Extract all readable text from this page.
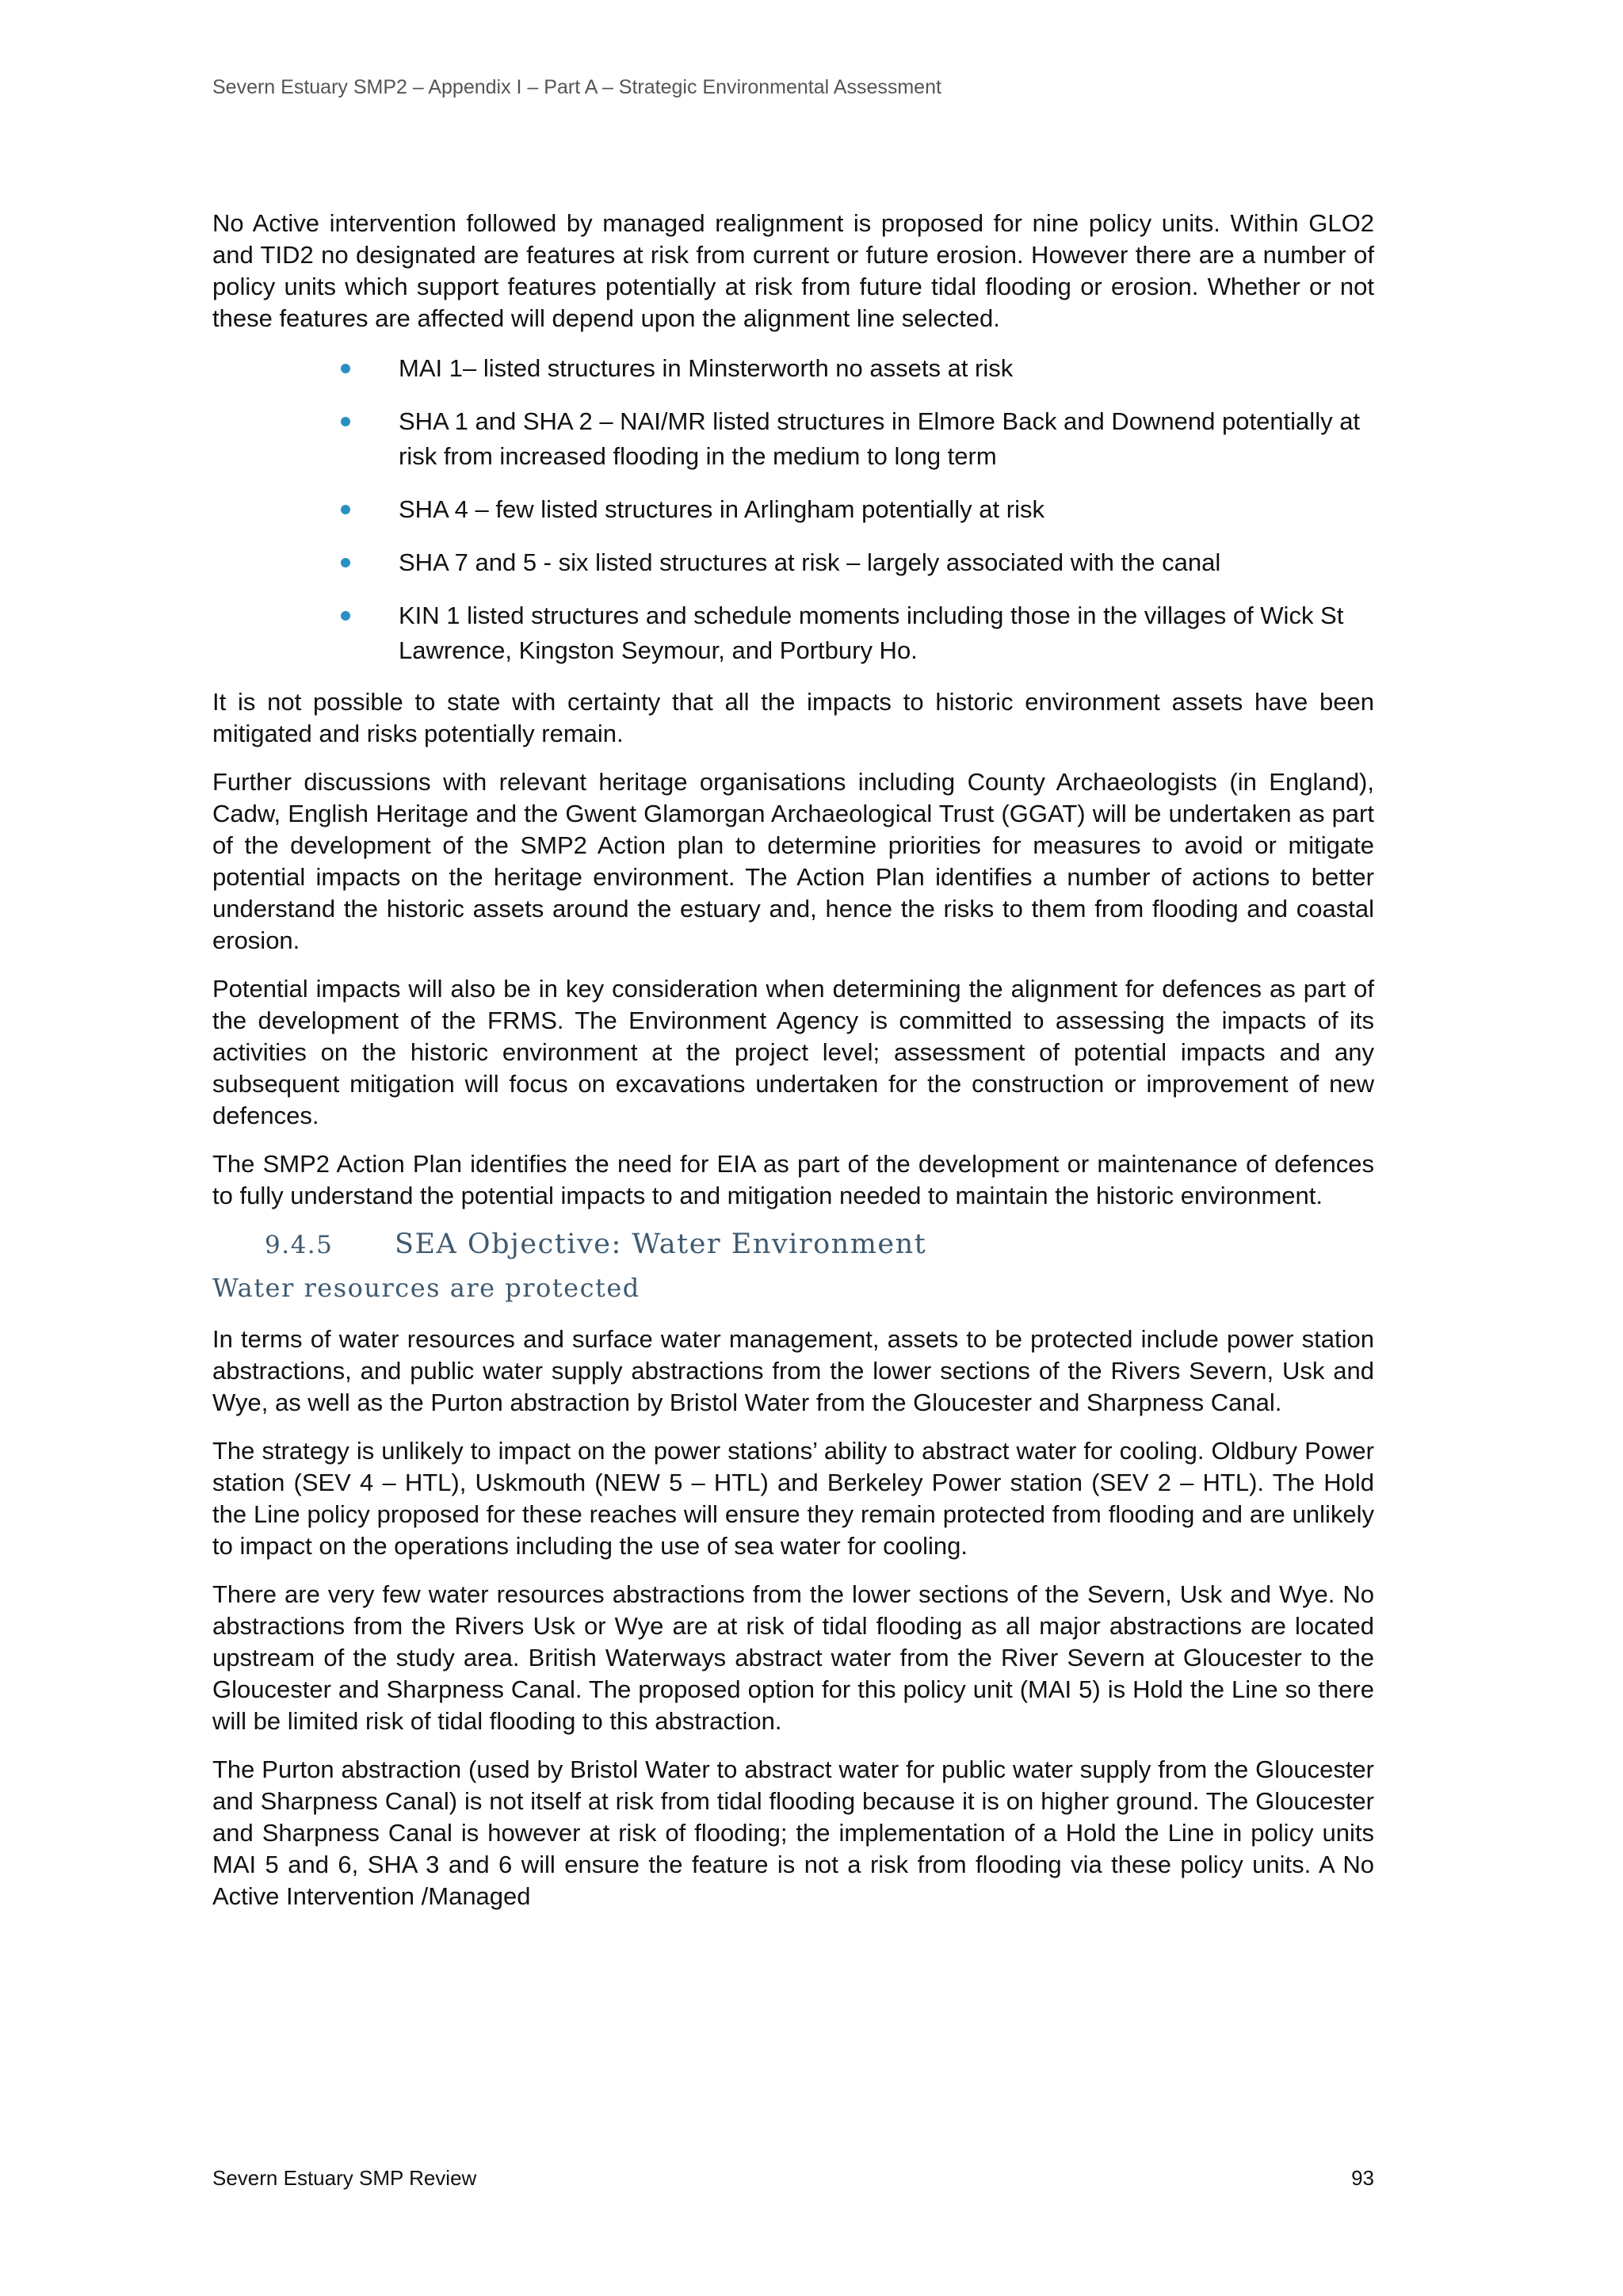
Severn Estuary SMP2 – Appendix I – Part A – Strategic Environmental Assessment

No Active intervention followed by managed realignment is proposed for nine policy units. Within GLO2 and TID2 no designated are features at risk from current or future erosion. However there are a number of policy units which support features potentially at risk from future tidal flooding or erosion. Whether or not these features are affected will depend upon the alignment line selected.

MAI 1– listed structures in Minsterworth no assets at risk
SHA 1 and SHA 2 – NAI/MR listed structures in Elmore Back and Downend potentially at risk from increased flooding in the medium to long term
SHA 4 – few listed structures in Arlingham potentially at risk
SHA 7 and 5 - six listed structures at risk – largely associated with the canal
KIN 1 listed structures and schedule moments including those in the villages of Wick St Lawrence, Kingston Seymour, and Portbury Ho.

It is not possible to state with certainty that all the impacts to historic environment assets have been mitigated and risks potentially remain.

Further discussions with relevant heritage organisations including County Archaeologists (in England), Cadw, English Heritage and the Gwent Glamorgan Archaeological Trust (GGAT) will be undertaken as part of the development of the SMP2 Action plan to determine priorities for measures to avoid or mitigate potential impacts on the heritage environment. The Action Plan identifies a number of actions to better understand the historic assets around the estuary and, hence the risks to them from flooding and coastal erosion.

Potential impacts will also be in key consideration when determining the alignment for defences as part of the development of the FRMS. The Environment Agency is committed to assessing the impacts of its activities on the historic environment at the project level; assessment of potential impacts and any subsequent mitigation will focus on excavations undertaken for the construction or improvement of new defences.

The SMP2 Action Plan identifies the need for EIA as part of the development or maintenance of defences to fully understand the potential impacts to and mitigation needed to maintain the historic environment.

9.4.5 SEA Objective: Water Environment
Water resources are protected

In terms of water resources and surface water management, assets to be protected include power station abstractions, and public water supply abstractions from the lower sections of the Rivers Severn, Usk and Wye, as well as the Purton abstraction by Bristol Water from the Gloucester and Sharpness Canal.

The strategy is unlikely to impact on the power stations’ ability to abstract water for cooling. Oldbury Power station (SEV 4 – HTL), Uskmouth (NEW 5 – HTL) and Berkeley Power station (SEV 2 – HTL). The Hold the Line policy proposed for these reaches will ensure they remain protected from flooding and are unlikely to impact on the operations including the use of sea water for cooling.

There are very few water resources abstractions from the lower sections of the Severn, Usk and Wye. No abstractions from the Rivers Usk or Wye are at risk of tidal flooding as all major abstractions are located upstream of the study area. British Waterways abstract water from the River Severn at Gloucester to the Gloucester and Sharpness Canal. The proposed option for this policy unit (MAI 5) is Hold the Line so there will be limited risk of tidal flooding to this abstraction.

The Purton abstraction (used by Bristol Water to abstract water for public water supply from the Gloucester and Sharpness Canal) is not itself at risk from tidal flooding because it is on higher ground. The Gloucester and Sharpness Canal is however at risk of flooding; the implementation of a Hold the Line in policy units MAI 5 and 6, SHA 3 and 6 will ensure the feature is not a risk from flooding via these policy units. A No Active Intervention /Managed

Severn Estuary SMP Review	93
